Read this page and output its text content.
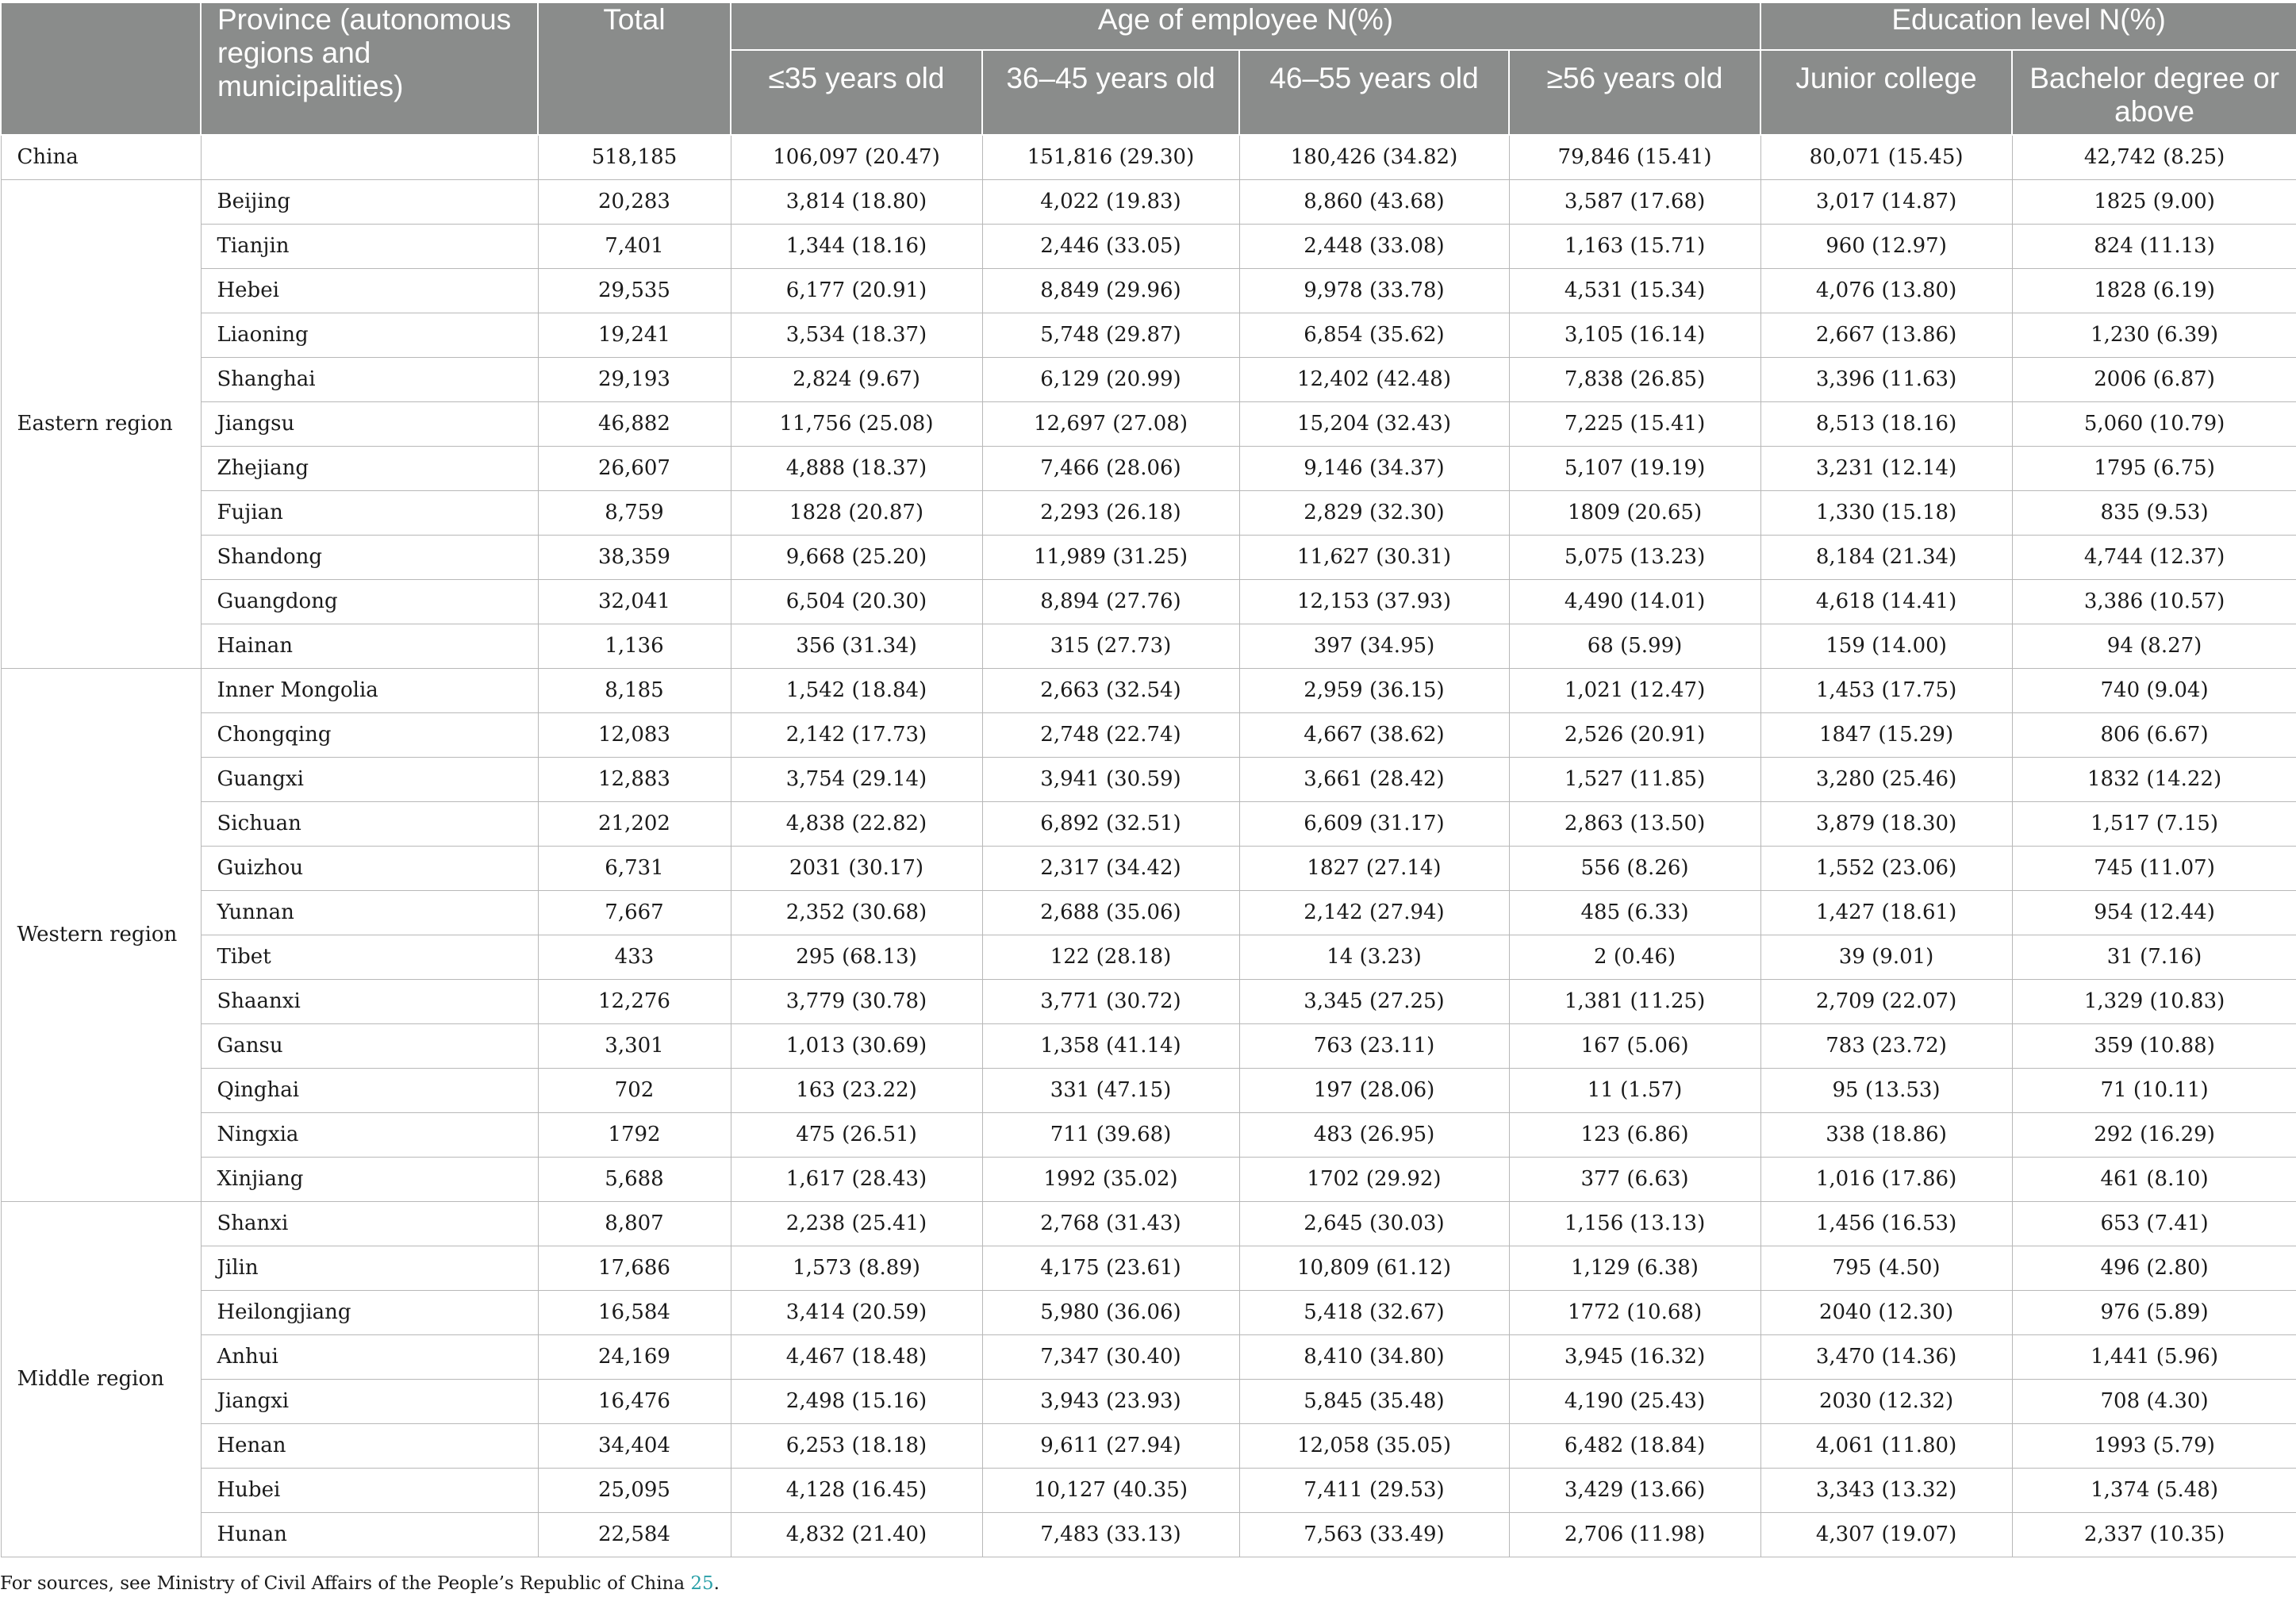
	Province (autonomous regions and municipalities)	Total	Age of employee N(%)				Education level N(%)	
			≤35 years old	36–45 years old	46–55 years old	≥56 years old	Junior college	Bachelor degree or above
China		518,185	106,097 (20.47)	151,816 (29.30)	180,426 (34.82)	79,846 (15.41)	80,071 (15.45)	42,742 (8.25)
Eastern region	Beijing	20,283	3,814 (18.80)	4,022 (19.83)	8,860 (43.68)	3,587 (17.68)	3,017 (14.87)	1825 (9.00)
	Tianjin	7,401	1,344 (18.16)	2,446 (33.05)	2,448 (33.08)	1,163 (15.71)	960 (12.97)	824 (11.13)
	Hebei	29,535	6,177 (20.91)	8,849 (29.96)	9,978 (33.78)	4,531 (15.34)	4,076 (13.80)	1828 (6.19)
	Liaoning	19,241	3,534 (18.37)	5,748 (29.87)	6,854 (35.62)	3,105 (16.14)	2,667 (13.86)	1,230 (6.39)
	Shanghai	29,193	2,824 (9.67)	6,129 (20.99)	12,402 (42.48)	7,838 (26.85)	3,396 (11.63)	2006 (6.87)
	Jiangsu	46,882	11,756 (25.08)	12,697 (27.08)	15,204 (32.43)	7,225 (15.41)	8,513 (18.16)	5,060 (10.79)
	Zhejiang	26,607	4,888 (18.37)	7,466 (28.06)	9,146 (34.37)	5,107 (19.19)	3,231 (12.14)	1795 (6.75)
	Fujian	8,759	1828 (20.87)	2,293 (26.18)	2,829 (32.30)	1809 (20.65)	1,330 (15.18)	835 (9.53)
	Shandong	38,359	9,668 (25.20)	11,989 (31.25)	11,627 (30.31)	5,075 (13.23)	8,184 (21.34)	4,744 (12.37)
	Guangdong	32,041	6,504 (20.30)	8,894 (27.76)	12,153 (37.93)	4,490 (14.01)	4,618 (14.41)	3,386 (10.57)
	Hainan	1,136	356 (31.34)	315 (27.73)	397 (34.95)	68 (5.99)	159 (14.00)	94 (8.27)
Western region	Inner Mongolia	8,185	1,542 (18.84)	2,663 (32.54)	2,959 (36.15)	1,021 (12.47)	1,453 (17.75)	740 (9.04)
	Chongqing	12,083	2,142 (17.73)	2,748 (22.74)	4,667 (38.62)	2,526 (20.91)	1847 (15.29)	806 (6.67)
	Guangxi	12,883	3,754 (29.14)	3,941 (30.59)	3,661 (28.42)	1,527 (11.85)	3,280 (25.46)	1832 (14.22)
	Sichuan	21,202	4,838 (22.82)	6,892 (32.51)	6,609 (31.17)	2,863 (13.50)	3,879 (18.30)	1,517 (7.15)
	Guizhou	6,731	2031 (30.17)	2,317 (34.42)	1827 (27.14)	556 (8.26)	1,552 (23.06)	745 (11.07)
	Yunnan	7,667	2,352 (30.68)	2,688 (35.06)	2,142 (27.94)	485 (6.33)	1,427 (18.61)	954 (12.44)
	Tibet	433	295 (68.13)	122 (28.18)	14 (3.23)	2 (0.46)	39 (9.01)	31 (7.16)
	Shaanxi	12,276	3,779 (30.78)	3,771 (30.72)	3,345 (27.25)	1,381 (11.25)	2,709 (22.07)	1,329 (10.83)
	Gansu	3,301	1,013 (30.69)	1,358 (41.14)	763 (23.11)	167 (5.06)	783 (23.72)	359 (10.88)
	Qinghai	702	163 (23.22)	331 (47.15)	197 (28.06)	11 (1.57)	95 (13.53)	71 (10.11)
	Ningxia	1792	475 (26.51)	711 (39.68)	483 (26.95)	123 (6.86)	338 (18.86)	292 (16.29)
	Xinjiang	5,688	1,617 (28.43)	1992 (35.02)	1702 (29.92)	377 (6.63)	1,016 (17.86)	461 (8.10)
Middle region	Shanxi	8,807	2,238 (25.41)	2,768 (31.43)	2,645 (30.03)	1,156 (13.13)	1,456 (16.53)	653 (7.41)
	Jilin	17,686	1,573 (8.89)	4,175 (23.61)	10,809 (61.12)	1,129 (6.38)	795 (4.50)	496 (2.80)
	Heilongjiang	16,584	3,414 (20.59)	5,980 (36.06)	5,418 (32.67)	1772 (10.68)	2040 (12.30)	976 (5.89)
	Anhui	24,169	4,467 (18.48)	7,347 (30.40)	8,410 (34.80)	3,945 (16.32)	3,470 (14.36)	1,441 (5.96)
	Jiangxi	16,476	2,498 (15.16)	3,943 (23.93)	5,845 (35.48)	4,190 (25.43)	2030 (12.32)	708 (4.30)
	Henan	34,404	6,253 (18.18)	9,611 (27.94)	12,058 (35.05)	6,482 (18.84)	4,061 (11.80)	1993 (5.79)
	Hubei	25,095	4,128 (16.45)	10,127 (40.35)	7,411 (29.53)	3,429 (13.66)	3,343 (13.32)	1,374 (5.48)
	Hunan	22,584	4,832 (21.40)	7,483 (33.13)	7,563 (33.49)	2,706 (11.98)	4,307 (19.07)	2,337 (10.35)
For sources, see Ministry of Civil Affairs of the People’s Republic of China 25.
